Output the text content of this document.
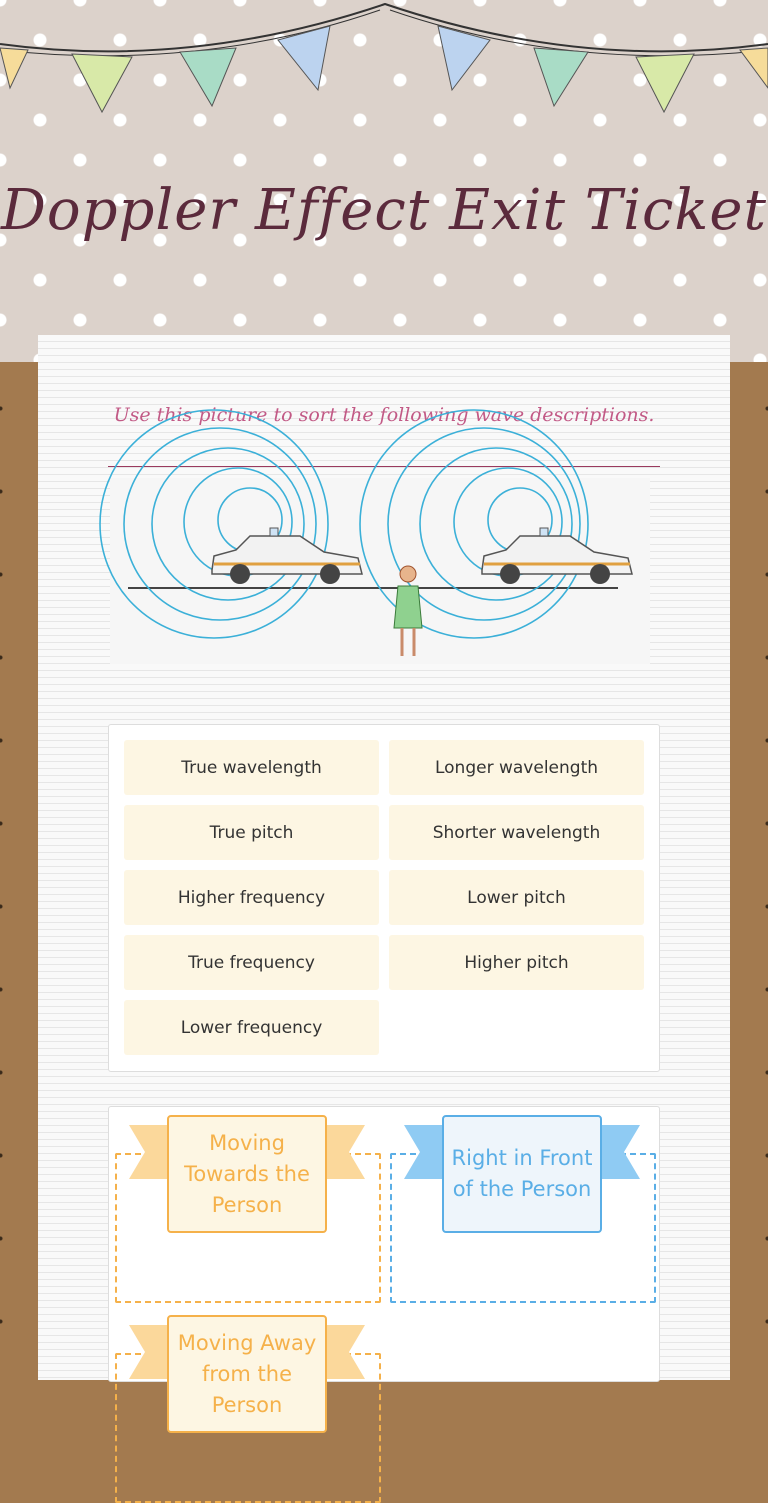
Doppler Effect Exit Ticket
Use this picture to sort the following wave descriptions.
True wavelength	Longer wavelength
True pitch	Shorter wavelength
Higher frequency	Lower pitch
True frequency	Higher pitch
Lower frequency
Moving Towards the Person
Right in Front of the Person
Moving Away from the Person
